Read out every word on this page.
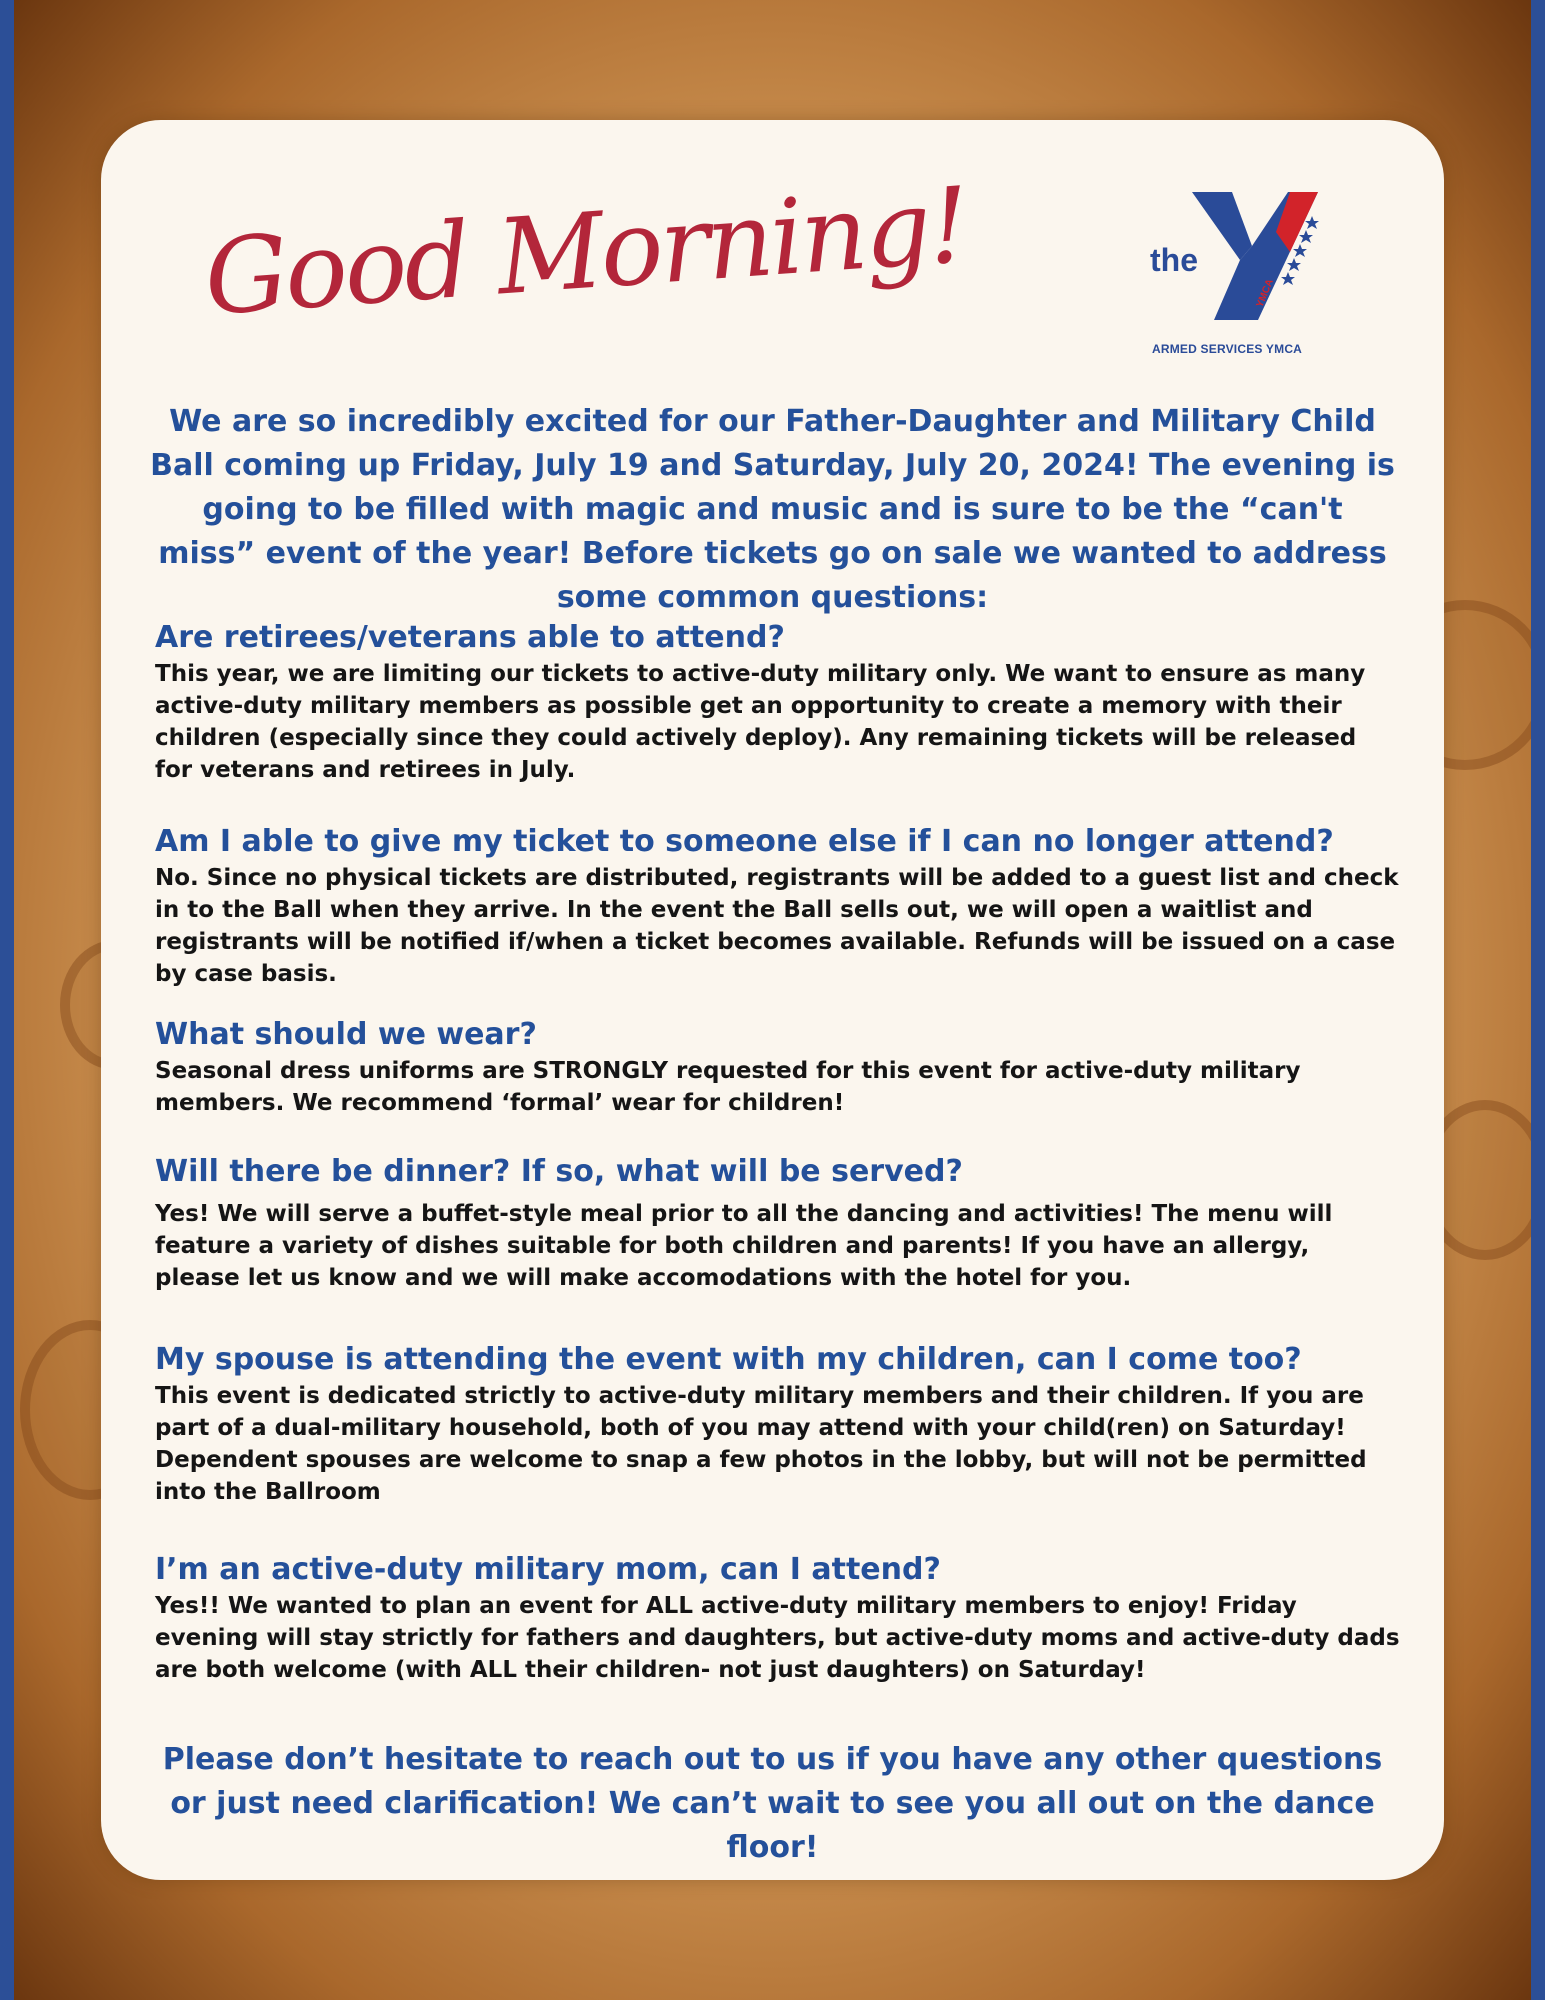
Good Morning!	YMCA
the
ARMED SERVICES YMCA
We are so incredibly excited for our Father-Daughter and Military Child Ball coming up Friday, July 19 and Saturday, July 20, 2024! The evening is going to be filled with magic and music and is sure to be the “can't miss” event of the year! Before tickets go on sale we wanted to address some common questions:

Are retirees/veterans able to attend?

This year, we are limiting our tickets to active-duty military only. We want to ensure as many active-duty military members as possible get an opportunity to create a memory with their children (especially since they could actively deploy). Any remaining tickets will be released for veterans and retirees in July.

Am I able to give my ticket to someone else if I can no longer attend?

No. Since no physical tickets are distributed, registrants will be added to a guest list and check in to the Ball when they arrive. In the event the Ball sells out, we will open a waitlist and registrants will be notified if/when a ticket becomes available. Refunds will be issued on a case by case basis.

What should we wear?

Seasonal dress uniforms are STRONGLY requested for this event for active-duty military members. We recommend ‘formal’ wear for children!

Will there be dinner? If so, what will be served?

Yes! We will serve a buffet-style meal prior to all the dancing and activities! The menu will feature a variety of dishes suitable for both children and parents! If you have an allergy, please let us know and we will make accomodations with the hotel for you.

My spouse is attending the event with my children, can I come too?

This event is dedicated strictly to active-duty military members and their children. If you are part of a dual-military household, both of you may attend with your child(ren) on Saturday! Dependent spouses are welcome to snap a few photos in the lobby, but will not be permitted into the Ballroom

I’m an active-duty military mom, can I attend?

Yes!! We wanted to plan an event for ALL active-duty military members to enjoy! Friday evening will stay strictly for fathers and daughters, but active-duty moms and active-duty dads are both welcome (with ALL their children- not just daughters) on Saturday!

Please don’t hesitate to reach out to us if you have any other questions or just need clarification! We can’t wait to see you all out on the dance floor!
